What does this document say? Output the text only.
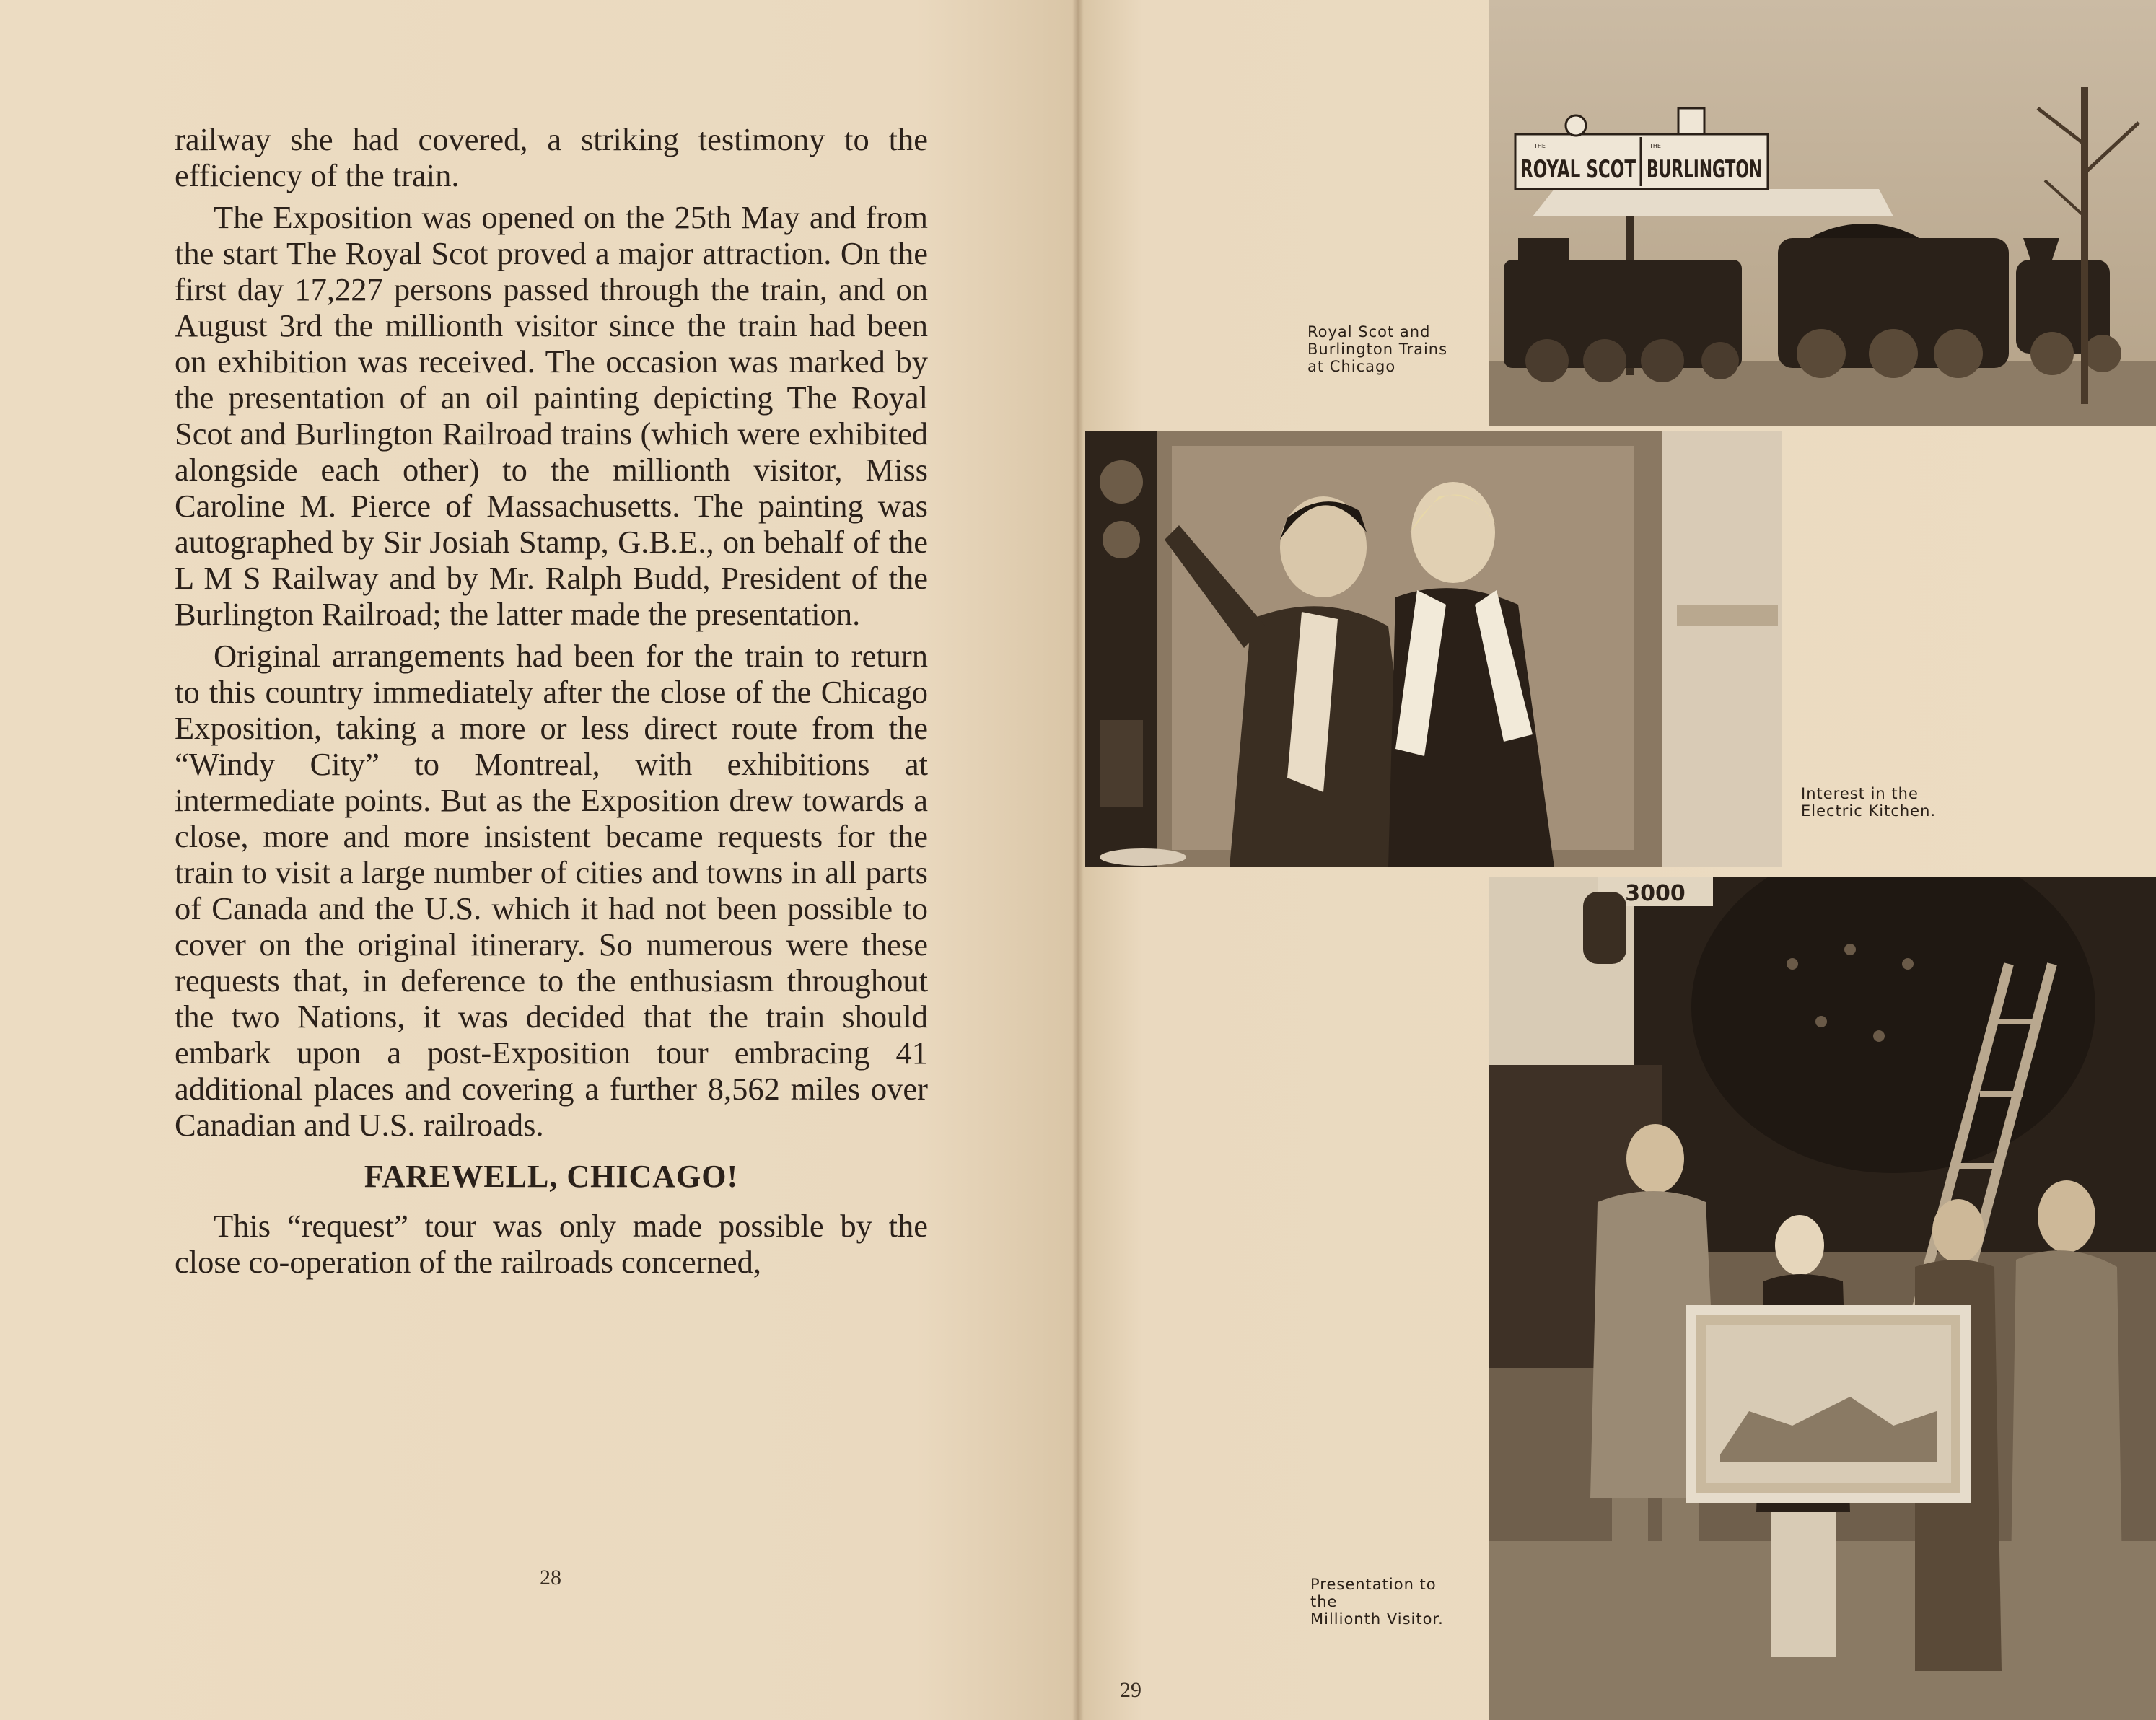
railway she had covered, a striking testimony to the efficiency of the train.

The Exposition was opened on the 25th May and from the start The Royal Scot proved a major attraction. On the first day 17,227 persons passed through the train, and on August 3rd the millionth visitor since the train had been on exhibition was received. The occasion was marked by the presentation of an oil painting depicting The Royal Scot and Burlington Railroad trains (which were exhibited alongside each other) to the millionth visitor, Miss Caroline M. Pierce of Massachusetts. The painting was autographed by Sir Josiah Stamp, G.B.E., on behalf of the L M S Railway and by Mr. Ralph Budd, President of the Burlington Railroad; the latter made the presentation.

Original arrangements had been for the train to return to this country immediately after the close of the Chicago Exposition, taking a more or less direct route from the “Windy City” to Montreal, with exhibitions at intermediate points. But as the Exposition drew towards a close, more and more insistent became requests for the train to visit a large number of cities and towns in all parts of Canada and the U.S. which it had not been possible to cover on the original itinerary. So numerous were these requests that, in deference to the enthusiasm throughout the two Nations, it was decided that the train should embark upon a post-Exposition tour embracing 41 additional places and covering a further 8,562 miles over Canadian and U.S. railroads.

FAREWELL, CHICAGO!

This “request” tour was only made possible by the close co-operation of the railroads concerned,

28
29
THE	THE
ROYAL SCOT BURLINGTON
Royal Scot and
Burlington Trains
at Chicago
Interest in the
Electric Kitchen.
3000
Presentation to
the
Millionth Visitor.
